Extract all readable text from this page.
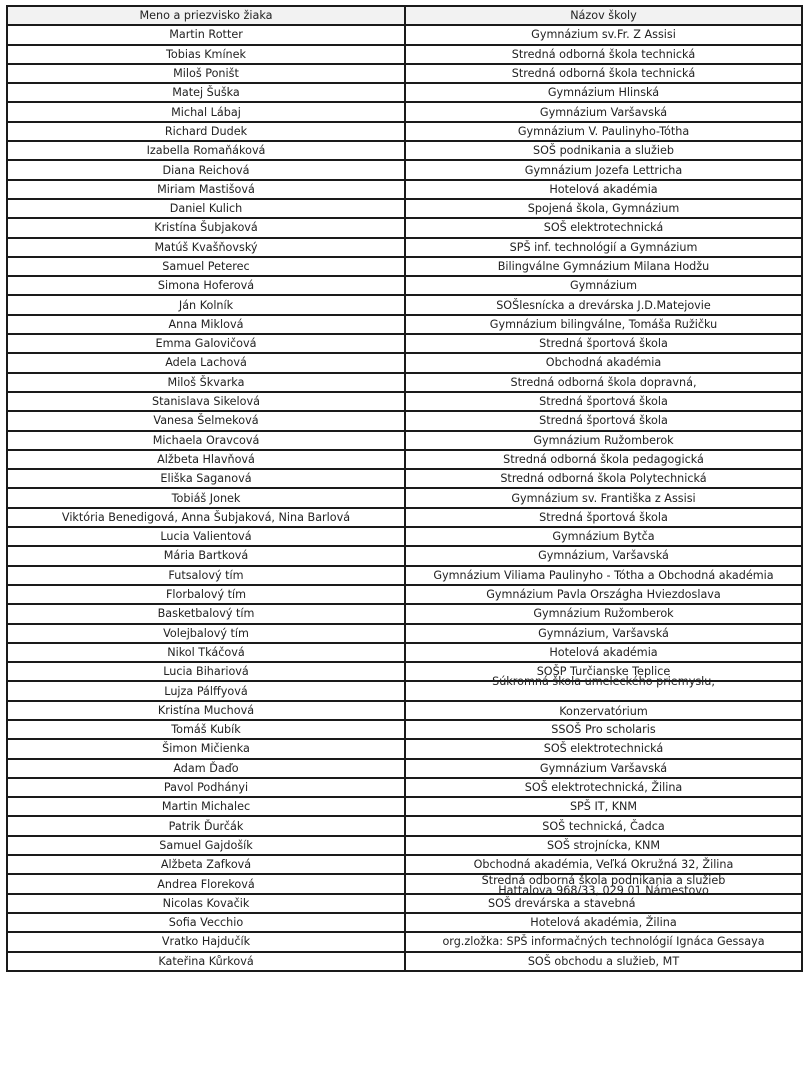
Meno a priezvisko žiaka	Názov školy
Martin Rotter	Gymnázium sv.Fr. Z Assisi
Tobias Kmínek	Stredná odborná škola technická
Miloš Poništ	Stredná odborná škola technická
Matej Šuška	Gymnázium Hlinská
Michal Lábaj	Gymnázium Varšavská
Richard Dudek	Gymnázium V. Paulinyho-Tótha
Izabella Romaňáková	SOŠ podnikania a služieb
Diana Reichová	Gymnázium Jozefa Lettricha
Miriam Mastišová	Hotelová akadémia
Daniel Kulich	Spojená škola, Gymnázium
Kristína Šubjaková	SOŠ elektrotechnická
Matúš Kvašňovský	SPŠ inf. technológií a Gymnázium
Samuel Peterec	Bilingválne Gymnázium Milana Hodžu
Simona Hoferová	Gymnázium
Ján Kolník	SOŠlesnícka a drevárska J.D.Matejovie
Anna Miklová	Gymnázium bilingválne, Tomáša Ružičku
Emma Galovičová	Stredná športová škola
Adela Lachová	Obchodná akadémia
Miloš Škvarka	Stredná odborná škola dopravná,
Stanislava Sikelová	Stredná športová škola
Vanesa Šelmeková	Stredná športová škola
Michaela Oravcová	Gymnázium Ružomberok
Alžbeta Hlavňová	Stredná odborná škola pedagogická
Eliška Saganová	Stredná odborná škola Polytechnická
Tobiáš Jonek	Gymnázium sv. Františka z Assisi
Viktória Benedigová, Anna Šubjaková, Nina Barlová	Stredná športová škola
Lucia Valientová	Gymnázium Bytča
Mária Bartková	Gymnázium, Varšavská
Futsalový tím	Gymnázium Viliama Paulinyho - Tótha a Obchodná akadémia
Florbalový tím	Gymnázium Pavla Országha Hviezdoslava
Basketbalový tím	Gymnázium Ružomberok
Volejbalový tím	Gymnázium, Varšavská
Nikol Tkáčová	Hotelová akadémia
Lucia Bihariová	SOŠP Turčianske Teplice
Lujza Pálffyová	Súkromná škola umeleckého priemyslu,

Kristína Muchová	Konzervatórium

Tomáš Kubík	SSOŠ Pro scholaris
Šimon Mičienka	SOŠ elektrotechnická
Adam Ďaďo	Gymnázium Varšavská
Pavol Podhányi	SOŠ elektrotechnická, Žilina
Martin Michalec	SPŠ IT, KNM
Patrik Ďurčák	SOŠ technická, Čadca
Samuel Gajdošík	SOŠ strojnícka, KNM
Alžbeta Zafková	Obchodná akadémia, Veľká Okružná 32, Žilina
Andrea Floreková	Stredná odborná škola podnikania a služieb
Hattalova 968/33, 029 01 Námestovo

Nicolas Kovačik	SOŠ drevárska a stavebná
Sofia Vecchio	Hotelová akadémia, Žilina
Vratko Hajdučík	org.zložka: SPŠ informačných technológií Ignáca Gessaya
Kateřina Kůrková	SOŠ obchodu a služieb, MT
